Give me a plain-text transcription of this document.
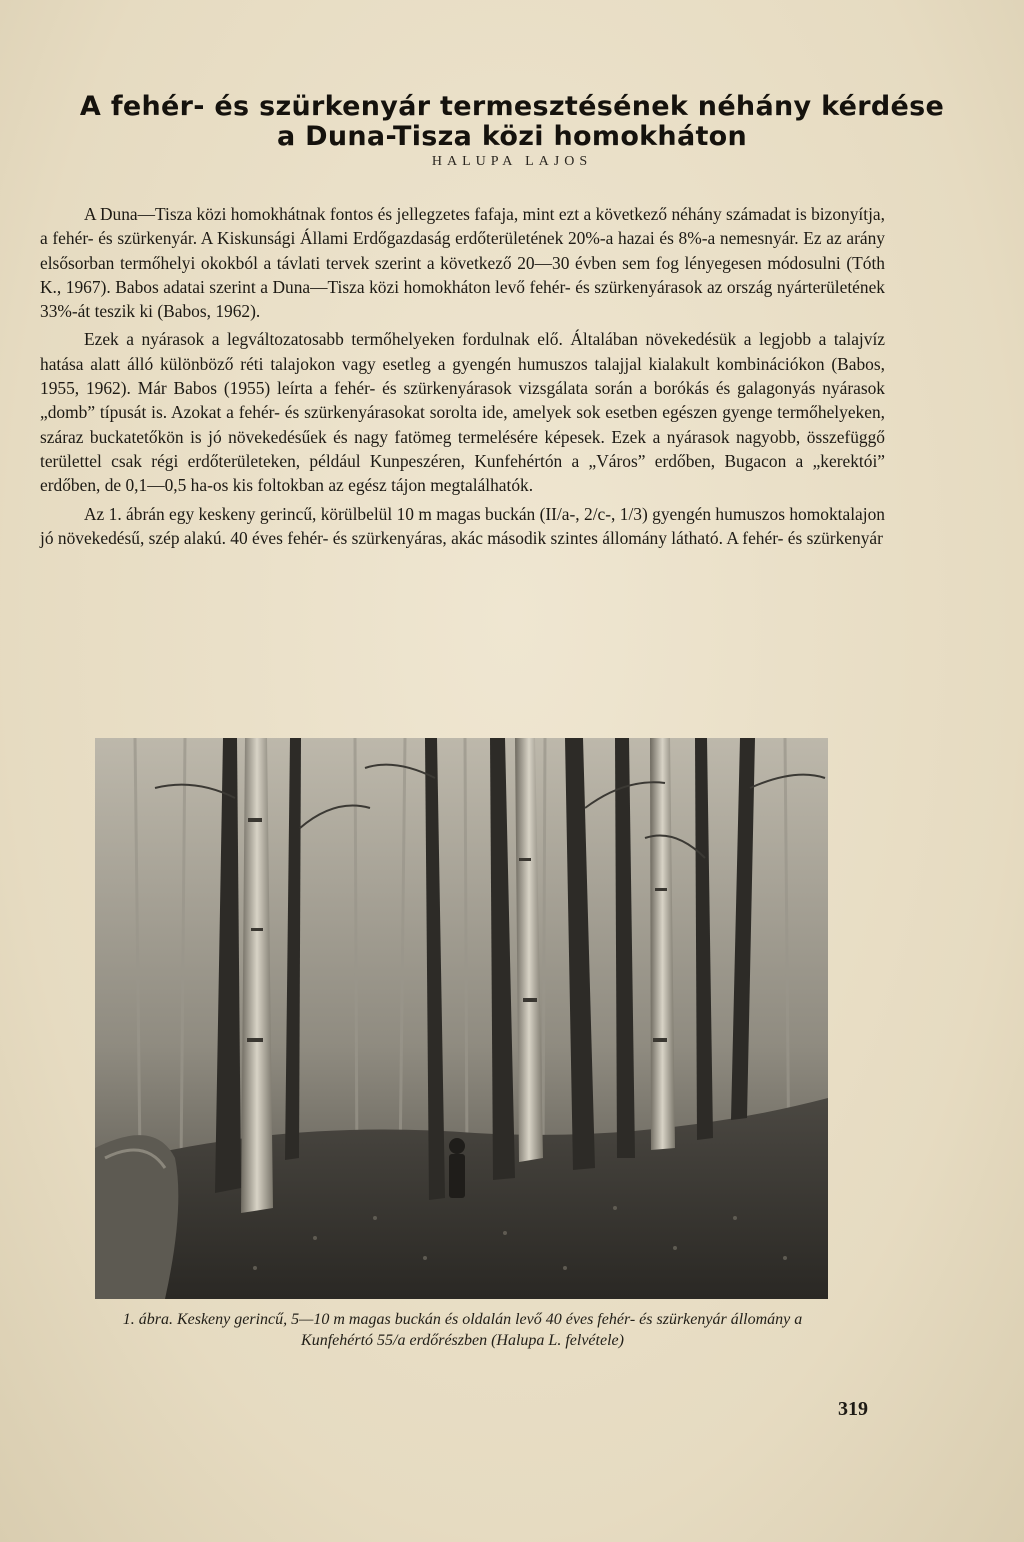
A fehér- és szürkenyár termesztésének néhány kérdése
a Duna-Tisza közi homokháton
HALUPA LAJOS

A Duna—Tisza közi homokhátnak fontos és jellegzetes fafaja, mint ezt a következő néhány számadat is bizonyítja, a fehér- és szürkenyár. A Kiskunsági Állami Erdőgazdaság erdőterületének 20%-a hazai és 8%-a nemesnyár. Ez az arány elsősorban termőhelyi okokból a távlati tervek szerint a következő 20—30 évben sem fog lényegesen módosulni (Tóth K., 1967). Babos adatai szerint a Duna—Tisza közi homokháton levő fehér- és szürkenyárasok az ország nyárterületének 33%-át teszik ki (Babos, 1962).

Ezek a nyárasok a legváltozatosabb termőhelyeken fordulnak elő. Általában növekedésük a legjobb a talajvíz hatása alatt álló különböző réti talajokon vagy esetleg a gyengén humuszos talajjal kialakult kombinációkon (Babos, 1955, 1962). Már Babos (1955) leírta a fehér- és szürkenyárasok vizsgálata során a borókás és galagonyás nyárasok „domb” típusát is. Azokat a fehér- és szürkenyárasokat sorolta ide, amelyek sok esetben egészen gyenge termőhelyeken, száraz buckatetőkön is jó növekedésűek és nagy fatömeg termelésére képesek. Ezek a nyárasok nagyobb, összefüggő területtel csak régi erdőterületeken, például Kunpeszéren, Kunfehértón a „Város” erdőben, Bugacon a „kerektói” erdőben, de 0,1—0,5 ha-os kis foltokban az egész tájon megtalálhatók.

Az 1. ábrán egy keskeny gerincű, körülbelül 10 m magas buckán (II/a-, 2/c-, 1/3) gyengén humuszos homoktalajon jó növekedésű, szép alakú. 40 éves fehér- és szürkenyáras, akác második szintes állomány látható. A fehér- és szürkenyár

1. ábra. Keskeny gerincű, 5—10 m magas buckán és oldalán levő 40 éves fehér- és szürkenyár állomány a Kunfehértó 55/a erdőrészben (Halupa L. felvétele)
319
